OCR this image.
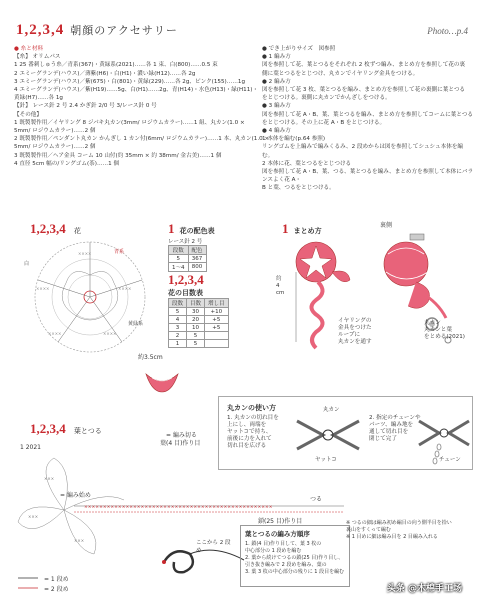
1,2,3,4 朝顔のアクセサリー	Photo…p.4
● 糸と材料
【糸】 オリムパス
1 25 番刺しゅう糸／青系(367)・黄緑系(2021)……各 1 束、白(800)……0.5 束
2 エミーグランデ(ハウス)／薄紫(H6)・白(H1)・濃い緑(H12)……各 2g
3 エミーグランデ(ハウス)／紫(675)・白(801)・黄緑(229)……各 2g、ピンク(155)……1g
4 エミーグランデ(ハウス)／紫(H19)……5g、白(H1)……2g、青(H14)・水色(H13)・緑(H11)・
黄緑(H7)……各 1g
【針】 レース針 2 号 2.4 かぎ針 2/0 号 3/レース針 0 号
【その他】
1 既製製作用／イヤリング 8 ジパキ丸カン(3mm/ ロジウムカラー)……1 組、丸カン(1.0 ×
5mm/ ロジウムカラー)……2 個
2 既製製作用／ペンダント丸カン かんぎし 1 カン付(6mm/ ロジウムカラー)……1 本、丸カン(1.0 ×
5mm/ ロジウムカラー)……2 個
3 既製製作用／ヘア金具 コーム 10 山付(約 35mm × 約 38mm/ 金古美)……1 個
4 直径 5cm 幅の/リングゴム(茶)……1 個
● でき上がりサイズ　図参照
● 1 編み方
図を参照して花、葉とつるをそれぞれ 2 枚ずつ編み、まとめ方を参照して花の裏
側に葉とつるをとじつけ、丸カンでイヤリング金具をつける。
● 2 編み方
図を参照して花 3 枚、葉とつるを編み、まとめ方を参照して花の裏側に葉とつる
をとじつける。裏側に丸カンでかんざしをつける。
● 3 編み方
図を参照して花 A・B、葉、葉とつるを編み、まとめ方を参照してコームに葉とつる
をとじつける。その上に花 A・B をとじつける。
● 4 編み方
1 本体を編む(p.64 参照)
リングゴムを上編みで編みくるみ、2 段めからは図を参照してシュシュ本体を編む。
2 本体に花、葉とつるをとじつける
図を参照して花 A・B、葉、つる、葉とつるを編み、まとめ方を参照して本体にバランスよく花 A・
B と葉、つるをとじつける。
1,2,3,4 花
××××
××××
××××
××××
××××
青系
白
黄緑系
約3.5cm
1 花の配色表
レース針 2 号
段数	配色
5	367
1〜4	800
1,2,3,4
花の目数表
段数	目数	増し目
5	30	+10
4	20	+5
3	10	+5
2	5	
1	5	
1 まとめ方
裏側
約 4 cm
イヤリングの
金具をつけた
ループに
丸カンを通す
丸カン
丸カンと葉
をとめる(2021)
1,2,3,4 葉とつる
1 2021
×××
×××
×××
××××××××××××××××××××××××××××××××××××××××××××××××××
葉(4 目)作り目
= 編み切る
= 編み始め
つる
鎖(25 目)作り目
ここから 2 段め
= 1 段め
= 2 段め
丸カンの使い方
1. 丸カンの切れ目を
上にし、両端を
ヤットコで持ち、
前後に力を入れて
切れ目を広げる
丸カン
ヤットコ
2. 指定のチェーンや
パーツ、編み地を
通して切れ目を
閉じて完了
チェーン
葉とつるの編み方順序
1. 鎖(4 目)作り目して、葉 3 枚の
中心部分の 1 段めを編む
2. 葉から続けてつるの鎖(25 目)作り目し、
引き抜き編みで 2 段めを編み、葉の
3. 葉 3 枚の中心部分の残りに 1 段目を編む
※ つるの細は編み初め編目の向う側半目を拾い
裏山をすくって編む
※ 1 目めに細は編み目を 2 目編み入れる
头条 @木棉手工场
